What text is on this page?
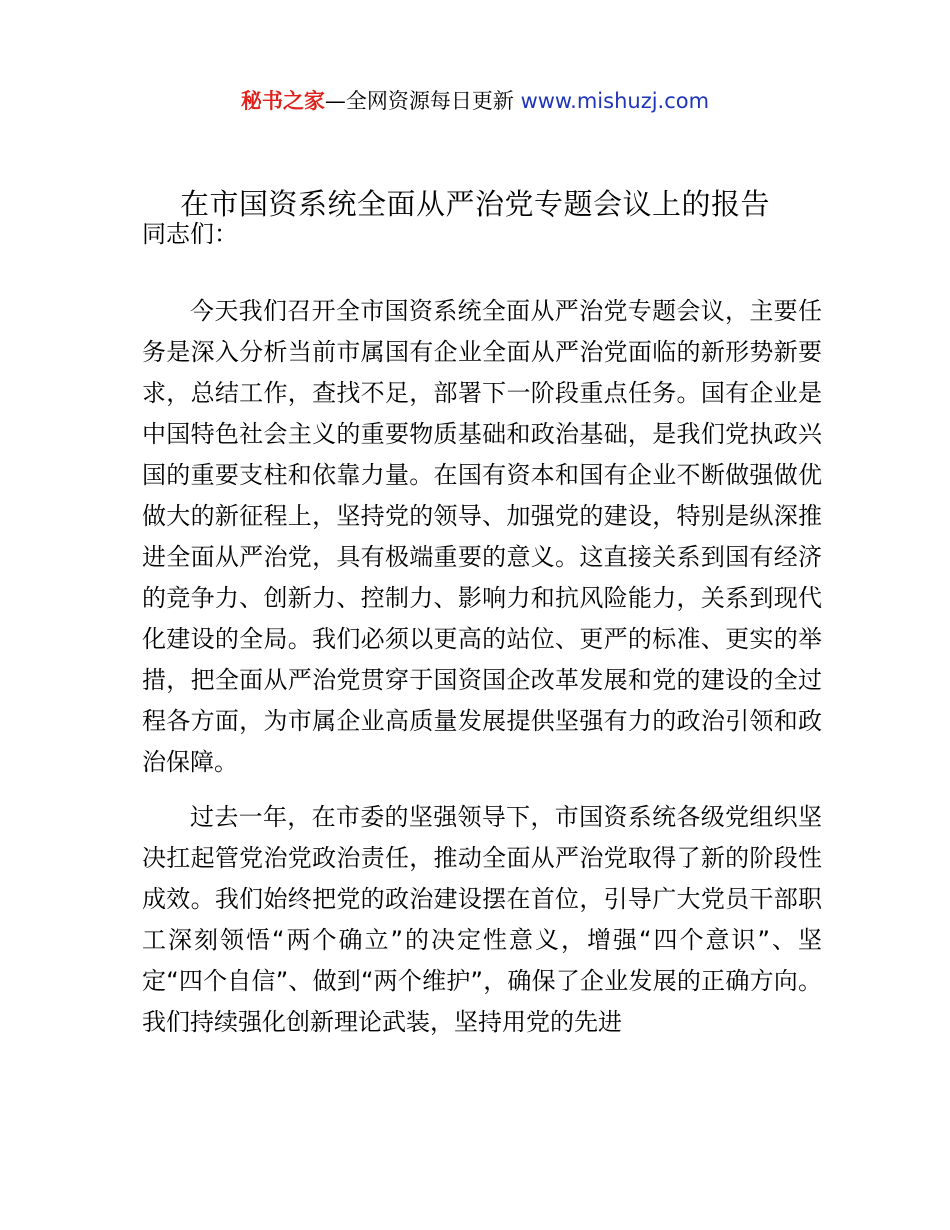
秘书之家—全网资源每日更新 www.mishuzj.com
在市国资系统全面从严治党专题会议上的报告

同志们：

今天我们召开全市国资系统全面从严治党专题会议，主要任务是深入分析当前市属国有企业全面从严治党面临的新形势新要求，总结工作，查找不足，部署下一阶段重点任务。国有企业是中国特色社会主义的重要物质基础和政治基础，是我们党执政兴国的重要支柱和依靠力量。在国有资本和国有企业不断做强做优做大的新征程上，坚持党的领导、加强党的建设，特别是纵深推进全面从严治党，具有极端重要的意义。这直接关系到国有经济的竞争力、创新力、控制力、影响力和抗风险能力，关系到现代化建设的全局。我们必须以更高的站位、更严的标准、更实的举措，把全面从严治党贯穿于国资国企改革发展和党的建设的全过程各方面，为市属企业高质量发展提供坚强有力的政治引领和政治保障。

过去一年，在市委的坚强领导下，市国资系统各级党组织坚决扛起管党治党政治责任，推动全面从严治党取得了新的阶段性成效。我们始终把党的政治建设摆在首位，引导广大党员干部职工深刻领悟“两个确立”的决定性意义，增强“四个意识”、坚定“四个自信”、做到“两个维护”，确保了企业发展的正确方向。我们持续强化创新理论武装，坚持用党的先进
